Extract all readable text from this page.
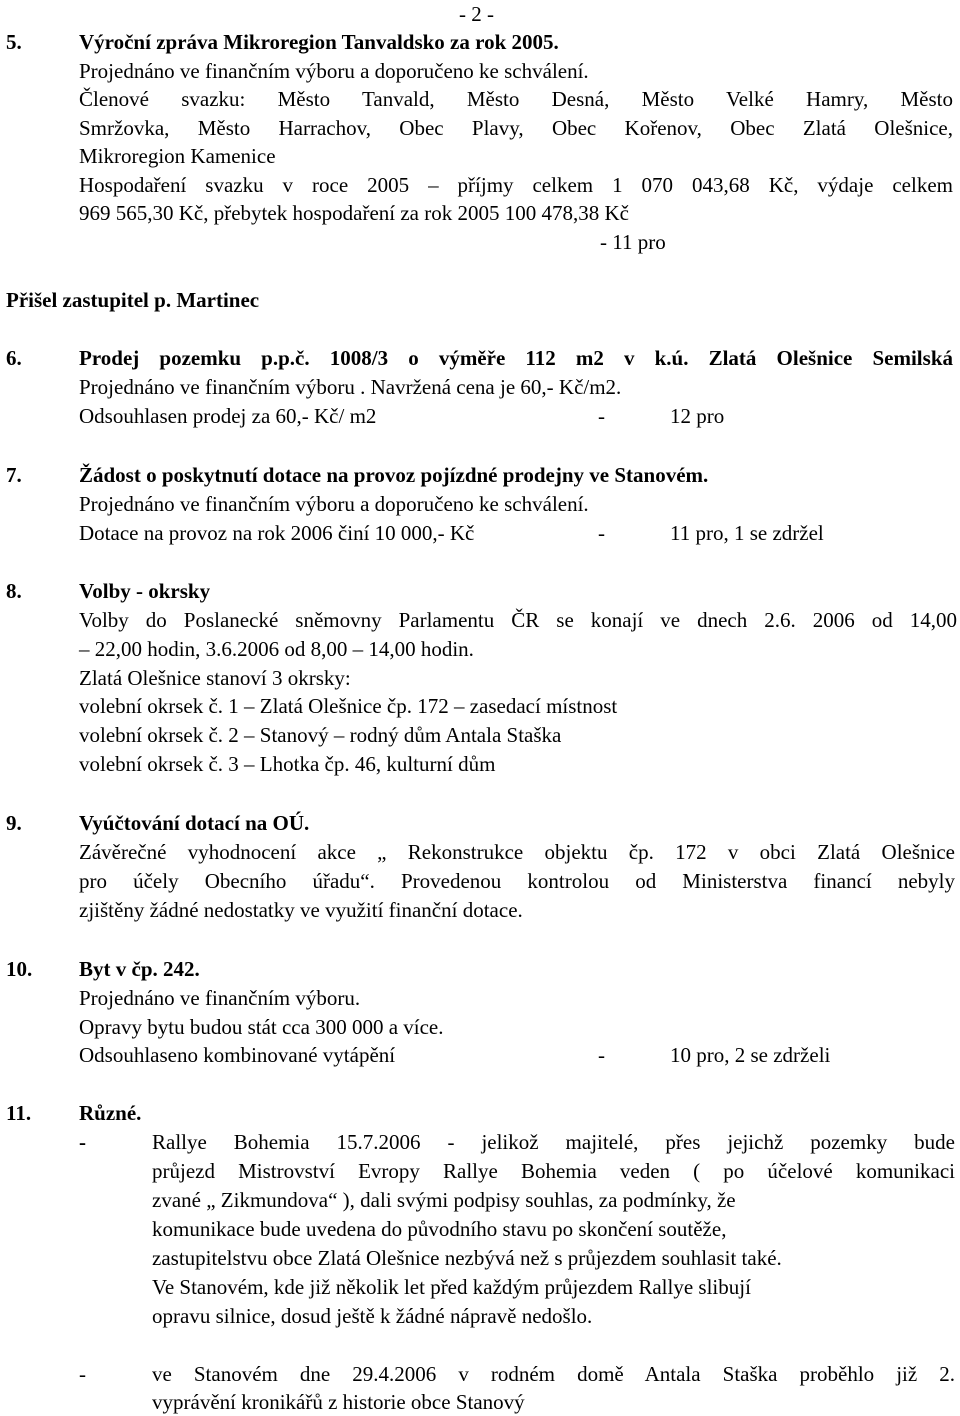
- 2 -
5.	Výroční zpráva Mikroregion Tanvaldsko za rok 2005.
Projednáno ve finančním výboru a doporučeno ke schválení.
Členové svazku: Město Tanvald, Město Desná, Město Velké Hamry, Město
Smržovka, Město Harrachov, Obec Plavy, Obec Kořenov, Obec Zlatá Olešnice,
Mikroregion Kamenice
Hospodaření svazku v roce 2005 – příjmy celkem 1 070 043,68 Kč, výdaje celkem
969 565,30 Kč, přebytek hospodaření za rok 2005 100 478,38 Kč
- 11 pro
Přišel zastupitel p. Martinec
6.	Prodej pozemku p.p.č. 1008/3 o výměře 112 m2 v k.ú. Zlatá Olešnice Semilská
Projednáno ve finančním výboru . Navržená cena je 60,- Kč/m2.
Odsouhlasen prodej za 60,- Kč/ m2	-	12 pro
7.	Žádost o poskytnutí dotace na provoz pojízdné prodejny ve Stanovém.
Projednáno ve finančním výboru a doporučeno ke schválení.
Dotace na provoz na rok 2006 činí 10 000,- Kč	-	11 pro, 1 se zdržel
8.	Volby - okrsky
Volby do Poslanecké sněmovny Parlamentu ČR se konají ve dnech 2.6. 2006 od 14,00
– 22,00 hodin, 3.6.2006 od 8,00 – 14,00 hodin.
Zlatá Olešnice stanoví 3 okrsky:
volební okrsek č. 1 – Zlatá Olešnice čp. 172 – zasedací místnost
volební okrsek č. 2 – Stanový – rodný dům Antala Staška
volební okrsek č. 3 – Lhotka čp. 46, kulturní dům
9.	Vyúčtování dotací na OÚ.
Závěrečné vyhodnocení akce „ Rekonstrukce objektu čp. 172 v obci Zlatá Olešnice
pro účely Obecního úřadu“. Provedenou kontrolou od Ministerstva financí nebyly
zjištěny žádné nedostatky ve využití finanční dotace.
10. Byt v čp. 242.
Projednáno ve finančním výboru.
Opravy bytu budou stát cca 300 000 a více.
Odsouhlaseno kombinované vytápění	-	10 pro, 2 se zdrželi
11. Různé.
-	Rallye Bohemia 15.7.2006 - jelikož majitelé, přes jejichž pozemky bude
průjezd Mistrovství Evropy Rallye Bohemia veden ( po účelové komunikaci
zvané „ Zikmundova“ ), dali svými podpisy souhlas, za podmínky, že
komunikace bude uvedena do původního stavu po skončení soutěže,
zastupitelstvu obce Zlatá Olešnice nezbývá než s průjezdem souhlasit také.
Ve Stanovém, kde již několik let před každým průjezdem Rallye slibují
opravu silnice, dosud ještě k žádné nápravě nedošlo.
-	ve Stanovém dne 29.4.2006 v rodném domě Antala Staška proběhlo již 2.
vyprávění kronikářů z historie obce Stanový
